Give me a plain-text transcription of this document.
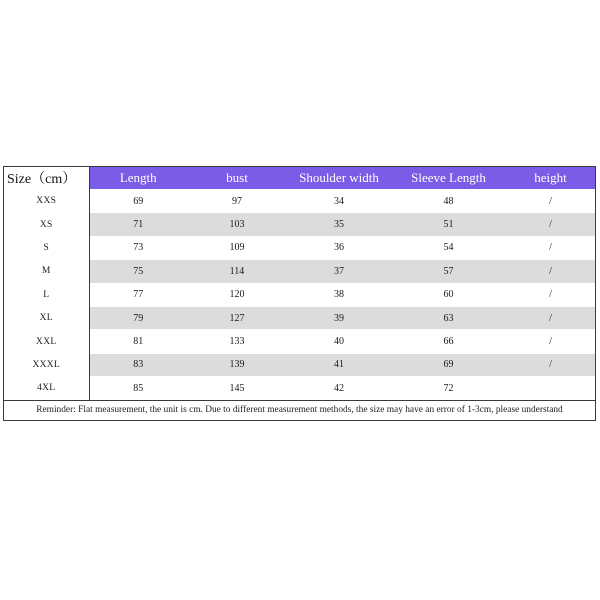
Size（cm）	Length	bust	Shoulder width	Sleeve Length	height
XXS	69	97	34	48	/
XS	71	103	35	51	/
S	73	109	36	54	/
M	75	114	37	57	/
L	77	120	38	60	/
XL	79	127	39	63	/
XXL	81	133	40	66	/
XXXL	83	139	41	69	/
4XL	85	145	42	72	
Reminder: Flat measurement, the unit is cm. Due to different measurement methods, the size may have an error of 1-3cm, please understand
